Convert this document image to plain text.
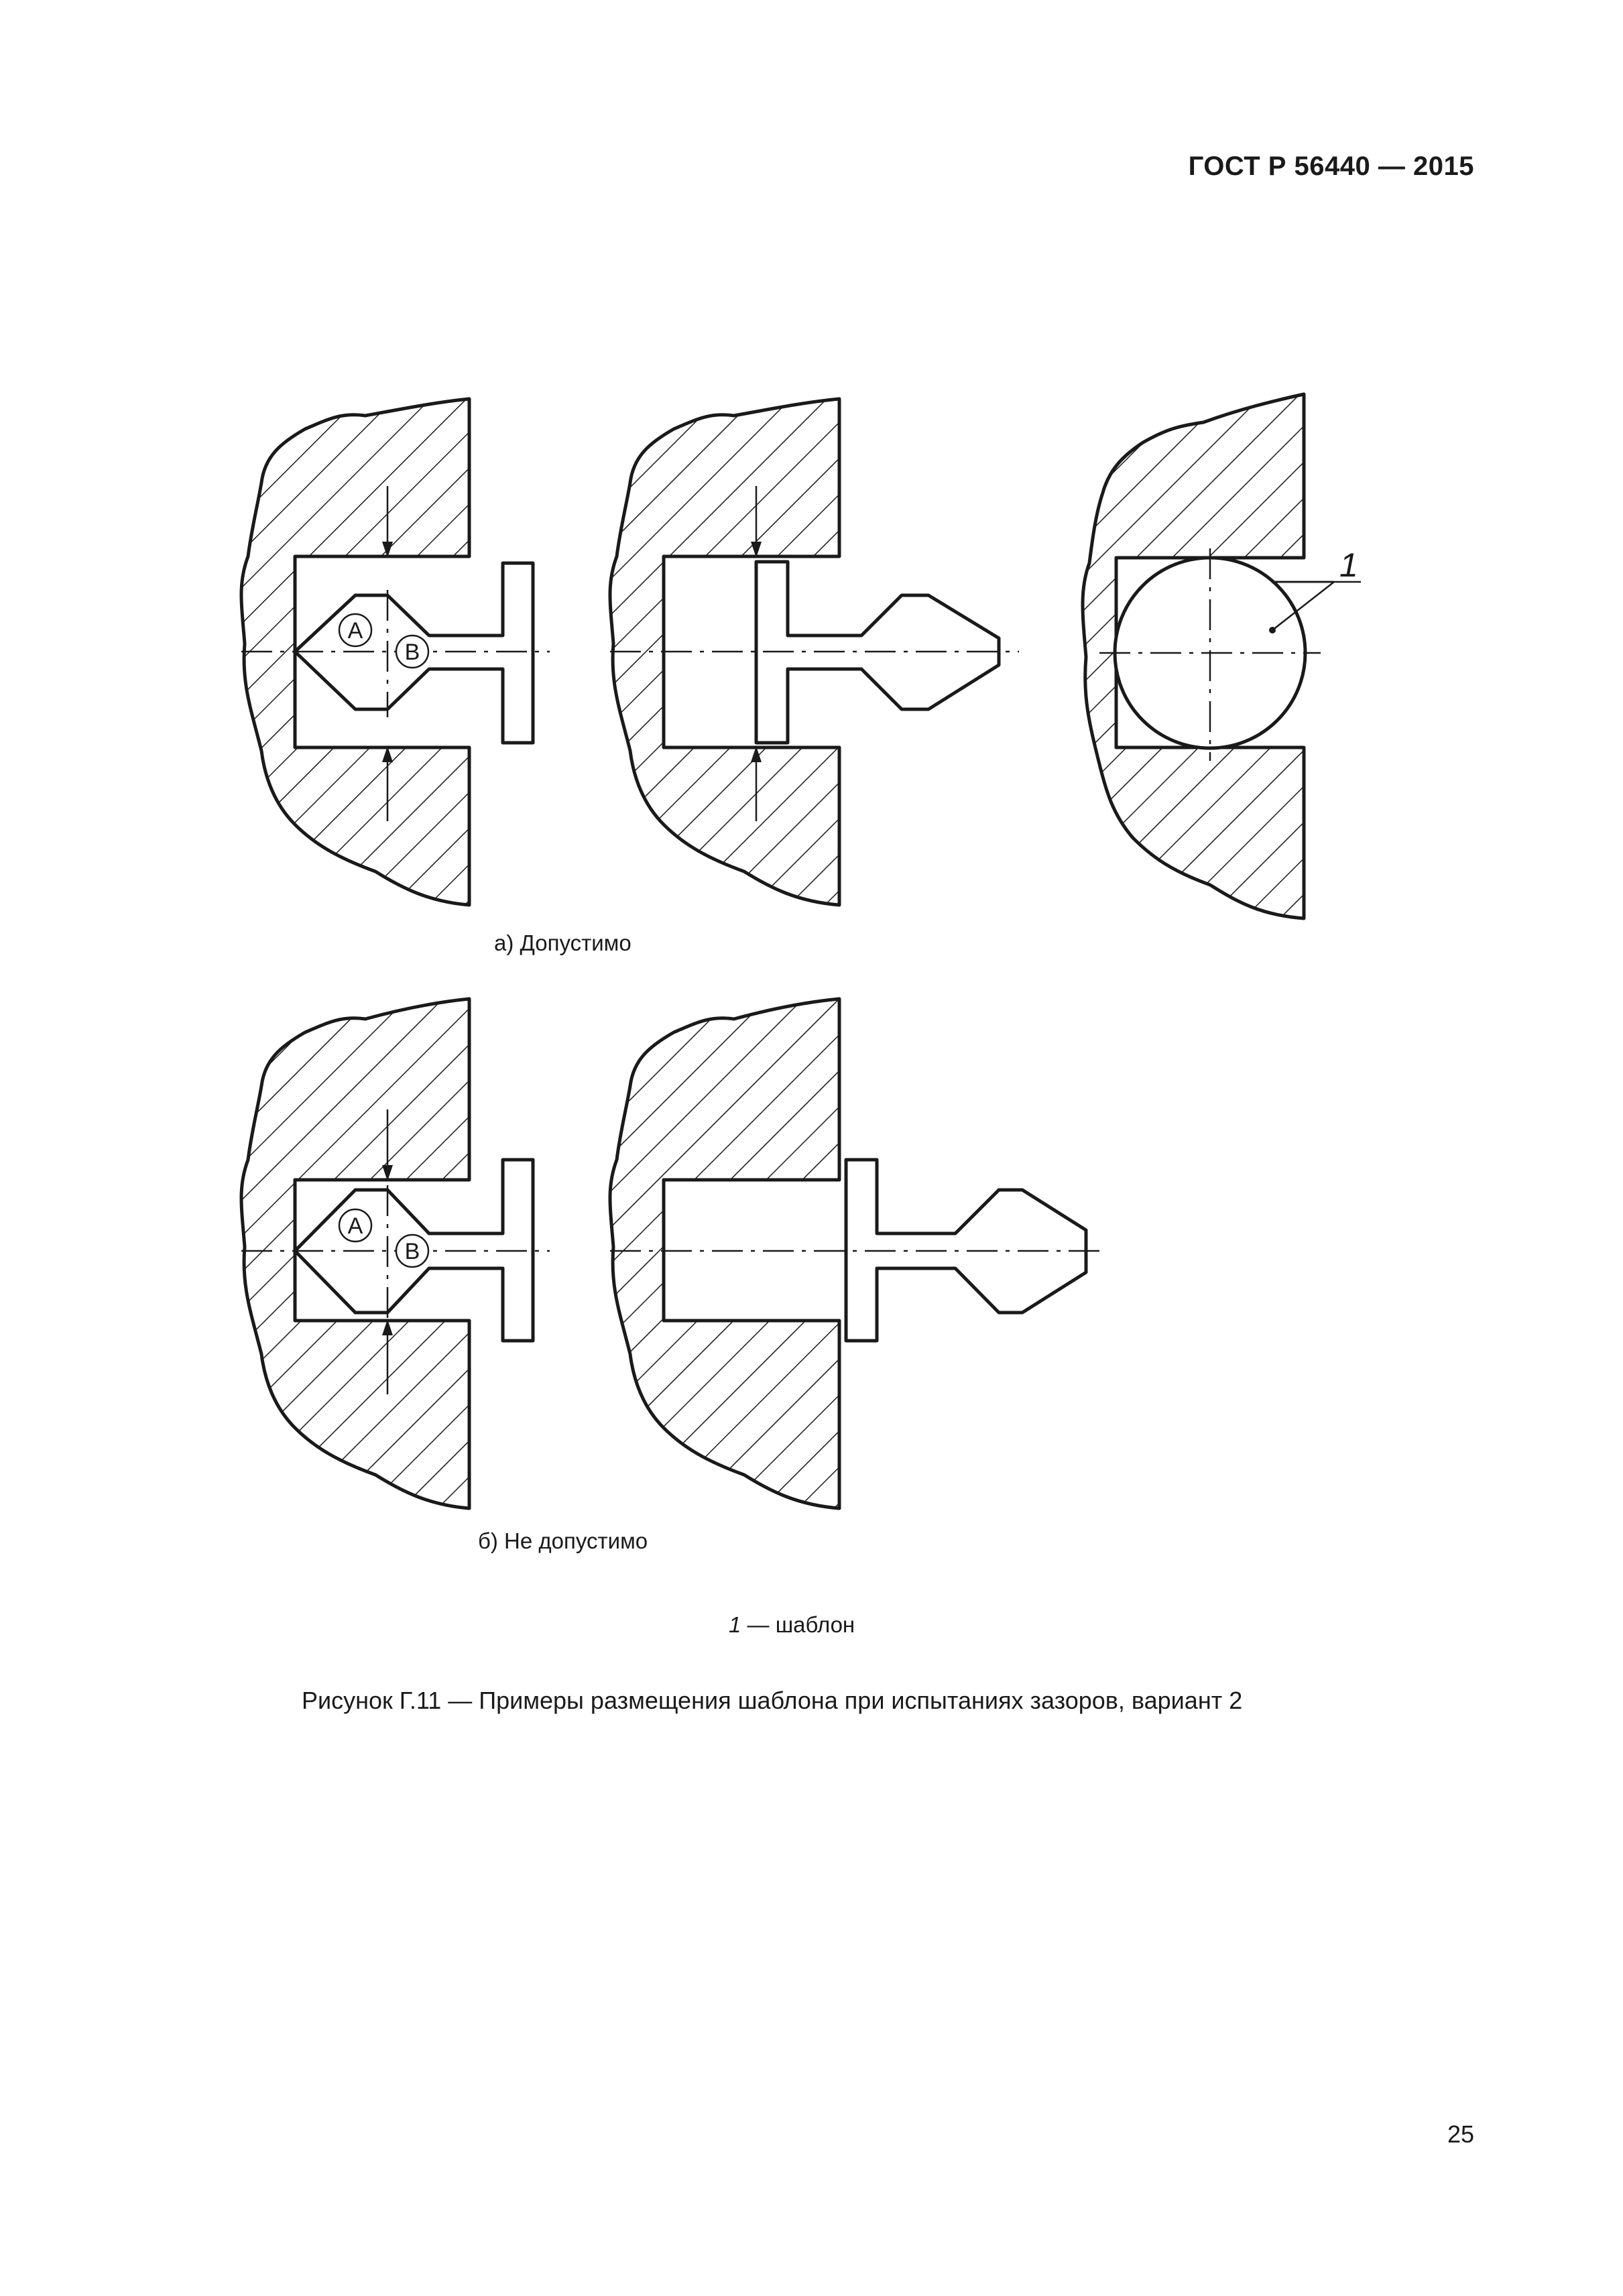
ГОСТ Р 56440 — 2015
A
B
1
A
B
а) Допустимо
б) Не допустимо
1 — шаблон
Рисунок Г.11 — Примеры размещения шаблона при испытаниях зазоров, вариант 2
25
